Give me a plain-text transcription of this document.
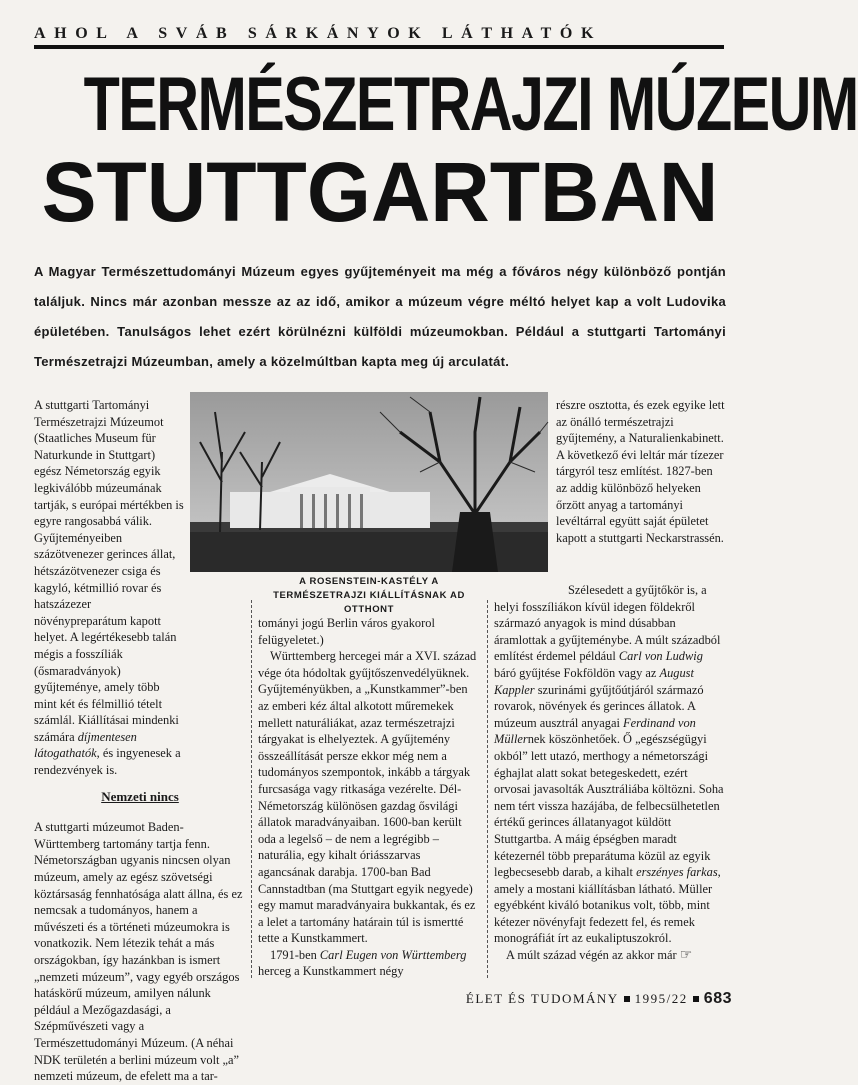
AHOL A SVÁB SÁRKÁNYOK LÁTHATÓK
TERMÉSZETRAJZI MÚZEUM
STUTTGARTBAN
A Magyar Természettudományi Múzeum egyes gyűjteményeit ma még a főváros négy különböző pontján találjuk. Nincs már azonban messze az az idő, amikor a múzeum végre méltó helyet kap a volt Ludovika épületében. Tanulságos lehet ezért körülnézni külföldi múzeumokban. Például a stuttgarti Tartományi Természetrajzi Múzeumban, amely a közelmúltban kapta meg új arculatát.

A stuttgarti Tartományi Természetrajzi Múzeumot (Staatliches Museum für Naturkunde in Stuttgart) egész Németország egyik legkiválóbb múzeumának tartják, s európai mértékben is egyre rangosabbá válik. Gyűjteményeiben százötvenezer gerinces állat, hétszázötvenezer csiga és kagyló, kétmillió rovar és hatszázezer növénypreparátum kapott helyet. A legértékesebb talán mégis a fosszíliák (ősmaradványok) gyűjteménye, amely több mint két és félmillió tételt számlál. Kiállításai mindenki számára díjmentesen látogathatók, és ingyenesek a rendezvények is.

Nemzeti nincs

A stuttgarti múzeumot Baden-Württemberg tartomány tartja fenn. Németországban ugyanis nincsen olyan múzeum, amely az egész szövetségi köztársaság fennhatósága alatt állna, és ez nemcsak a tudományos, hanem a művészeti és a történeti múzeumokra is vonatkozik. Nem létezik tehát a más országokban, így hazánkban is ismert „nemzeti múzeum”, vagy egyéb országos hatáskörű múzeum, amilyen nálunk például a Mezőgazdasági, a Szépművészeti vagy a Természettudományi Múzeum. (A néhai NDK területén a berlini múzeum volt „a” nemzeti múzeum, de efelett ma a tar-

A ROSENSTEIN-KASTÉLY A TERMÉSZETRAJZI KIÁLLÍTÁSNAK AD OTTHONT

tományi jogú Berlin város gyakorol felügyeletet.)

Württemberg hercegei már a XVI. század vége óta hódoltak gyűjtőszenvedélyüknek. Gyűjteményükben, a „Kunstkammer”-ben az emberi kéz által alkotott műremekek mellett naturáliákat, azaz természetrajzi tárgyakat is elhelyeztek. A gyűjtemény összeállítását persze ekkor még nem a tudományos szempontok, inkább a tárgyak furcsasága vagy ritkasága vezérelte. Dél-Németország különösen gazdag ősvilági állatok maradványaiban. 1600-ban került oda a legelső – de nem a legrégibb – naturália, egy kihalt óriásszarvas agancsának darabja. 1700-ban Bad Cannstadtban (ma Stuttgart egyik negyede) egy mamut maradványaira bukkantak, és ez a lelet a tartomány határain túl is ismertté tette a Kunstkammert.

1791-ben Carl Eugen von Württemberg herceg a Kunstkammert négy

részre osztotta, és ezek egyike lett az önálló természetrajzi gyűjtemény, a Naturalienkabinett. A következő évi leltár már tízezer tárgyról tesz említést. 1827-ben az addig különböző helyeken őrzött anyag a tartományi levéltárral együtt saját épületet kapott a stuttgarti Neckarstrassén.

Szélesedett a gyűjtőkör is, a helyi fosszíliákon kívül idegen földekről származó anyagok is mind dúsabban áramlottak a gyűjteménybe. A múlt századból említést érdemel például Carl von Ludwig báró gyűjtése Fokföldön vagy az August Kappler szurinámi gyűjtőútjáról származó rovarok, növények és gerinces állatok. A múzeum ausztrál anyagai Ferdinand von Müllernek köszönhetőek. Ő „egészségügyi okból” lett utazó, merthogy a németországi éghajlat alatt sokat betegeskedett, ezért orvosai javasolták Ausztráliába költözni. Soha nem tért vissza hazájába, de felbecsülhetetlen értékű gerinces állatanyagot küldött Stuttgartba. A máig épségben maradt kétezernél több preparátuma közül az egyik legbecsesebb darab, a kihalt erszényes farkas, amely a mostani kiállításban látható. Müller egyébként kiváló botanikus volt, több, mint kétezer növényfajt fedezett fel, és remek monográfiát írt az eukaliptuszokról.

A múlt század végén az akkor már ☞

ÉLET ÉS TUDOMÁNY 1995/22 683
